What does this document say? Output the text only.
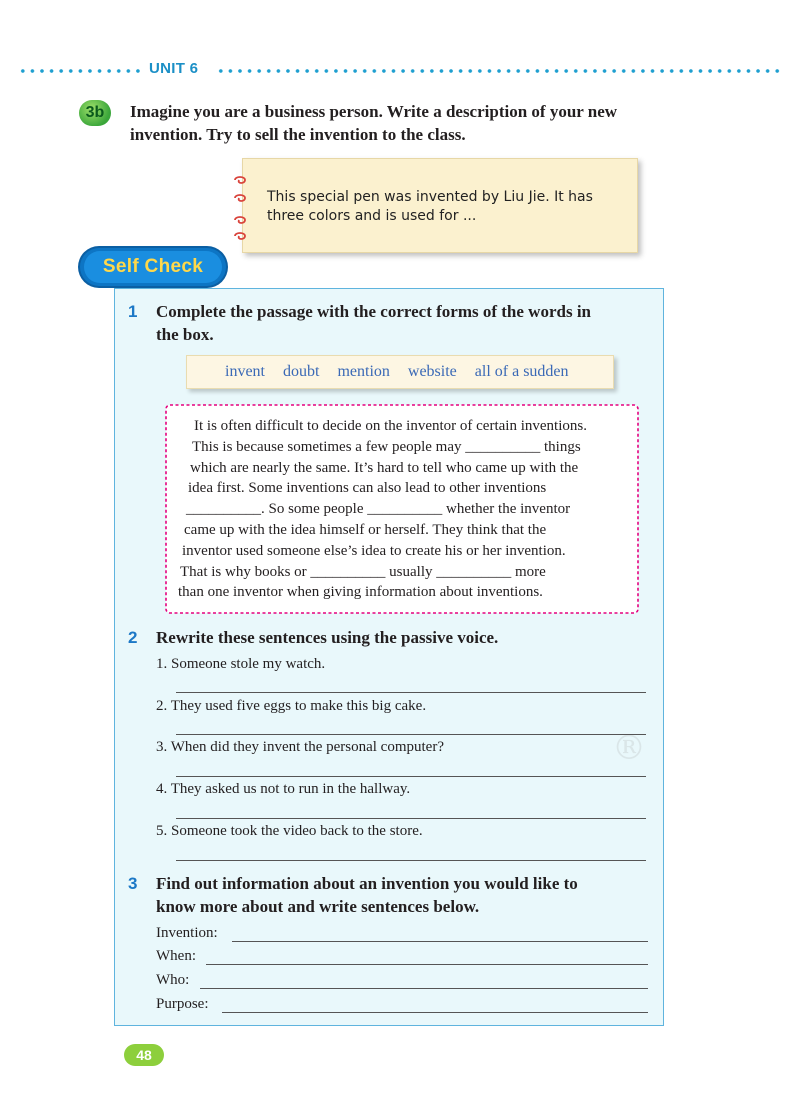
UNIT 6
3b	Imagine you are a business person. Write a description of your new
invention. Try to sell the invention to the class.
This special pen was invented by Liu Jie. It has
three colors and is used for ...
®
Self Check
1 Complete the passage with the correct forms of the words in
the box.
invent doubt mention website all of a sudden
It is often difficult to decide on the inventor of certain inventions.
This is because sometimes a few people may __________ things
which are nearly the same. It’s hard to tell who came up with the
idea first. Some inventions can also lead to other inventions
__________. So some people __________ whether the inventor
came up with the idea himself or herself. They think that the
inventor used someone else’s idea to create his or her invention.
That is why books or __________ usually __________ more
than one inventor when giving information about inventions.
2 Rewrite these sentences using the passive voice.
1. Someone stole my watch.
2. They used five eggs to make this big cake.
3. When did they invent the personal computer?
4. They asked us not to run in the hallway.
5. Someone took the video back to the store.
3 Find out information about an invention you would like to
know more about and write sentences below.
Invention:
When:
Who:
Purpose:
48
